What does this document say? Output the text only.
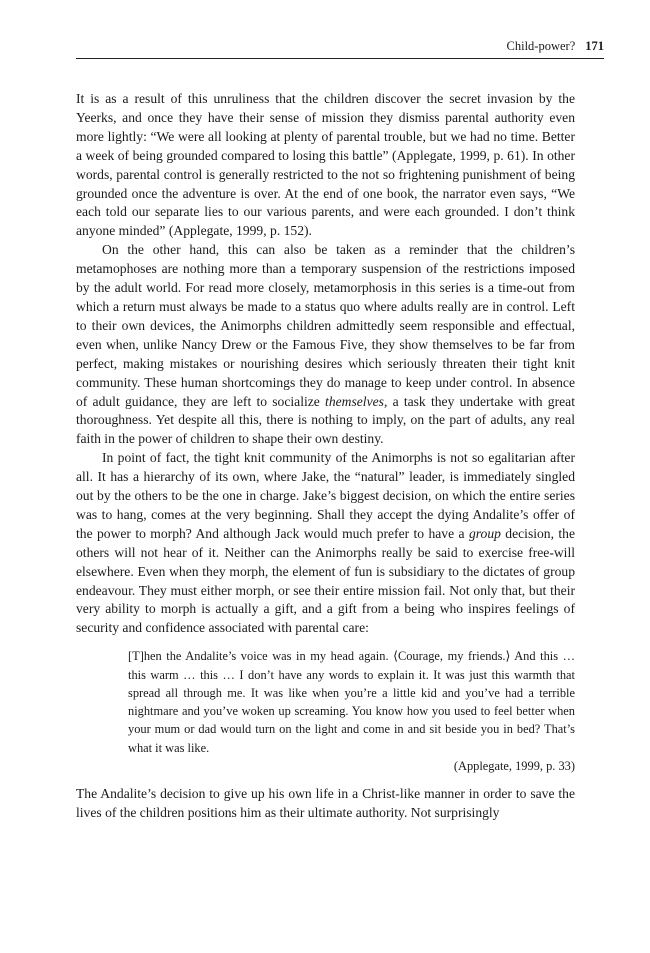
Child-power? 171

It is as a result of this unruliness that the children discover the secret invasion by the Yeerks, and once they have their sense of mission they dismiss parental authority even more lightly: “We were all looking at plenty of parental trouble, but we had no time. Better a week of being grounded compared to losing this battle” (Applegate, 1999, p. 61). In other words, parental control is generally restricted to the not so frightening punishment of being grounded once the adventure is over. At the end of one book, the narrator even says, “We each told our separate lies to our various parents, and were each grounded. I don’t think anyone minded” (Applegate, 1999, p. 152).

On the other hand, this can also be taken as a reminder that the children’s metamophoses are nothing more than a temporary suspension of the restrictions imposed by the adult world. For read more closely, metamorphosis in this series is a time-out from which a return must always be made to a status quo where adults really are in control. Left to their own devices, the Animorphs children admittedly seem responsible and effectual, even when, unlike Nancy Drew or the Famous Five, they show themselves to be far from perfect, making mistakes or nourishing desires which seriously threaten their tight knit community. These human shortcomings they do manage to keep under control. In absence of adult guidance, they are left to socialize themselves, a task they undertake with great thoroughness. Yet despite all this, there is nothing to imply, on the part of adults, any real faith in the power of children to shape their own destiny.

In point of fact, the tight knit community of the Animorphs is not so egalitarian after all. It has a hierarchy of its own, where Jake, the “natural” leader, is immediately singled out by the others to be the one in charge. Jake’s biggest decision, on which the entire series was to hang, comes at the very beginning. Shall they accept the dying Andalite’s offer of the power to morph? And although Jack would much prefer to have a group decision, the others will not hear of it. Neither can the Animorphs really be said to exercise free-will elsewhere. Even when they morph, the element of fun is subsidiary to the dictates of group endeavour. They must either morph, or see their entire mission fail. Not only that, but their very ability to morph is actually a gift, and a gift from a being who inspires feelings of security and confidence associated with parental care:

[T]hen the Andalite’s voice was in my head again. ⟨Courage, my friends.⟩ And this … this warm … this … I don’t have any words to explain it. It was just this warmth that spread all through me. It was like when you’re a little kid and you’ve had a terrible nightmare and you’ve woken up screaming. You know how you used to feel better when your mum or dad would turn on the light and come in and sit beside you in bed? That’s what it was like.
(Applegate, 1999, p. 33)

The Andalite’s decision to give up his own life in a Christ-like manner in order to save the lives of the children positions him as their ultimate authority. Not surprisingly
